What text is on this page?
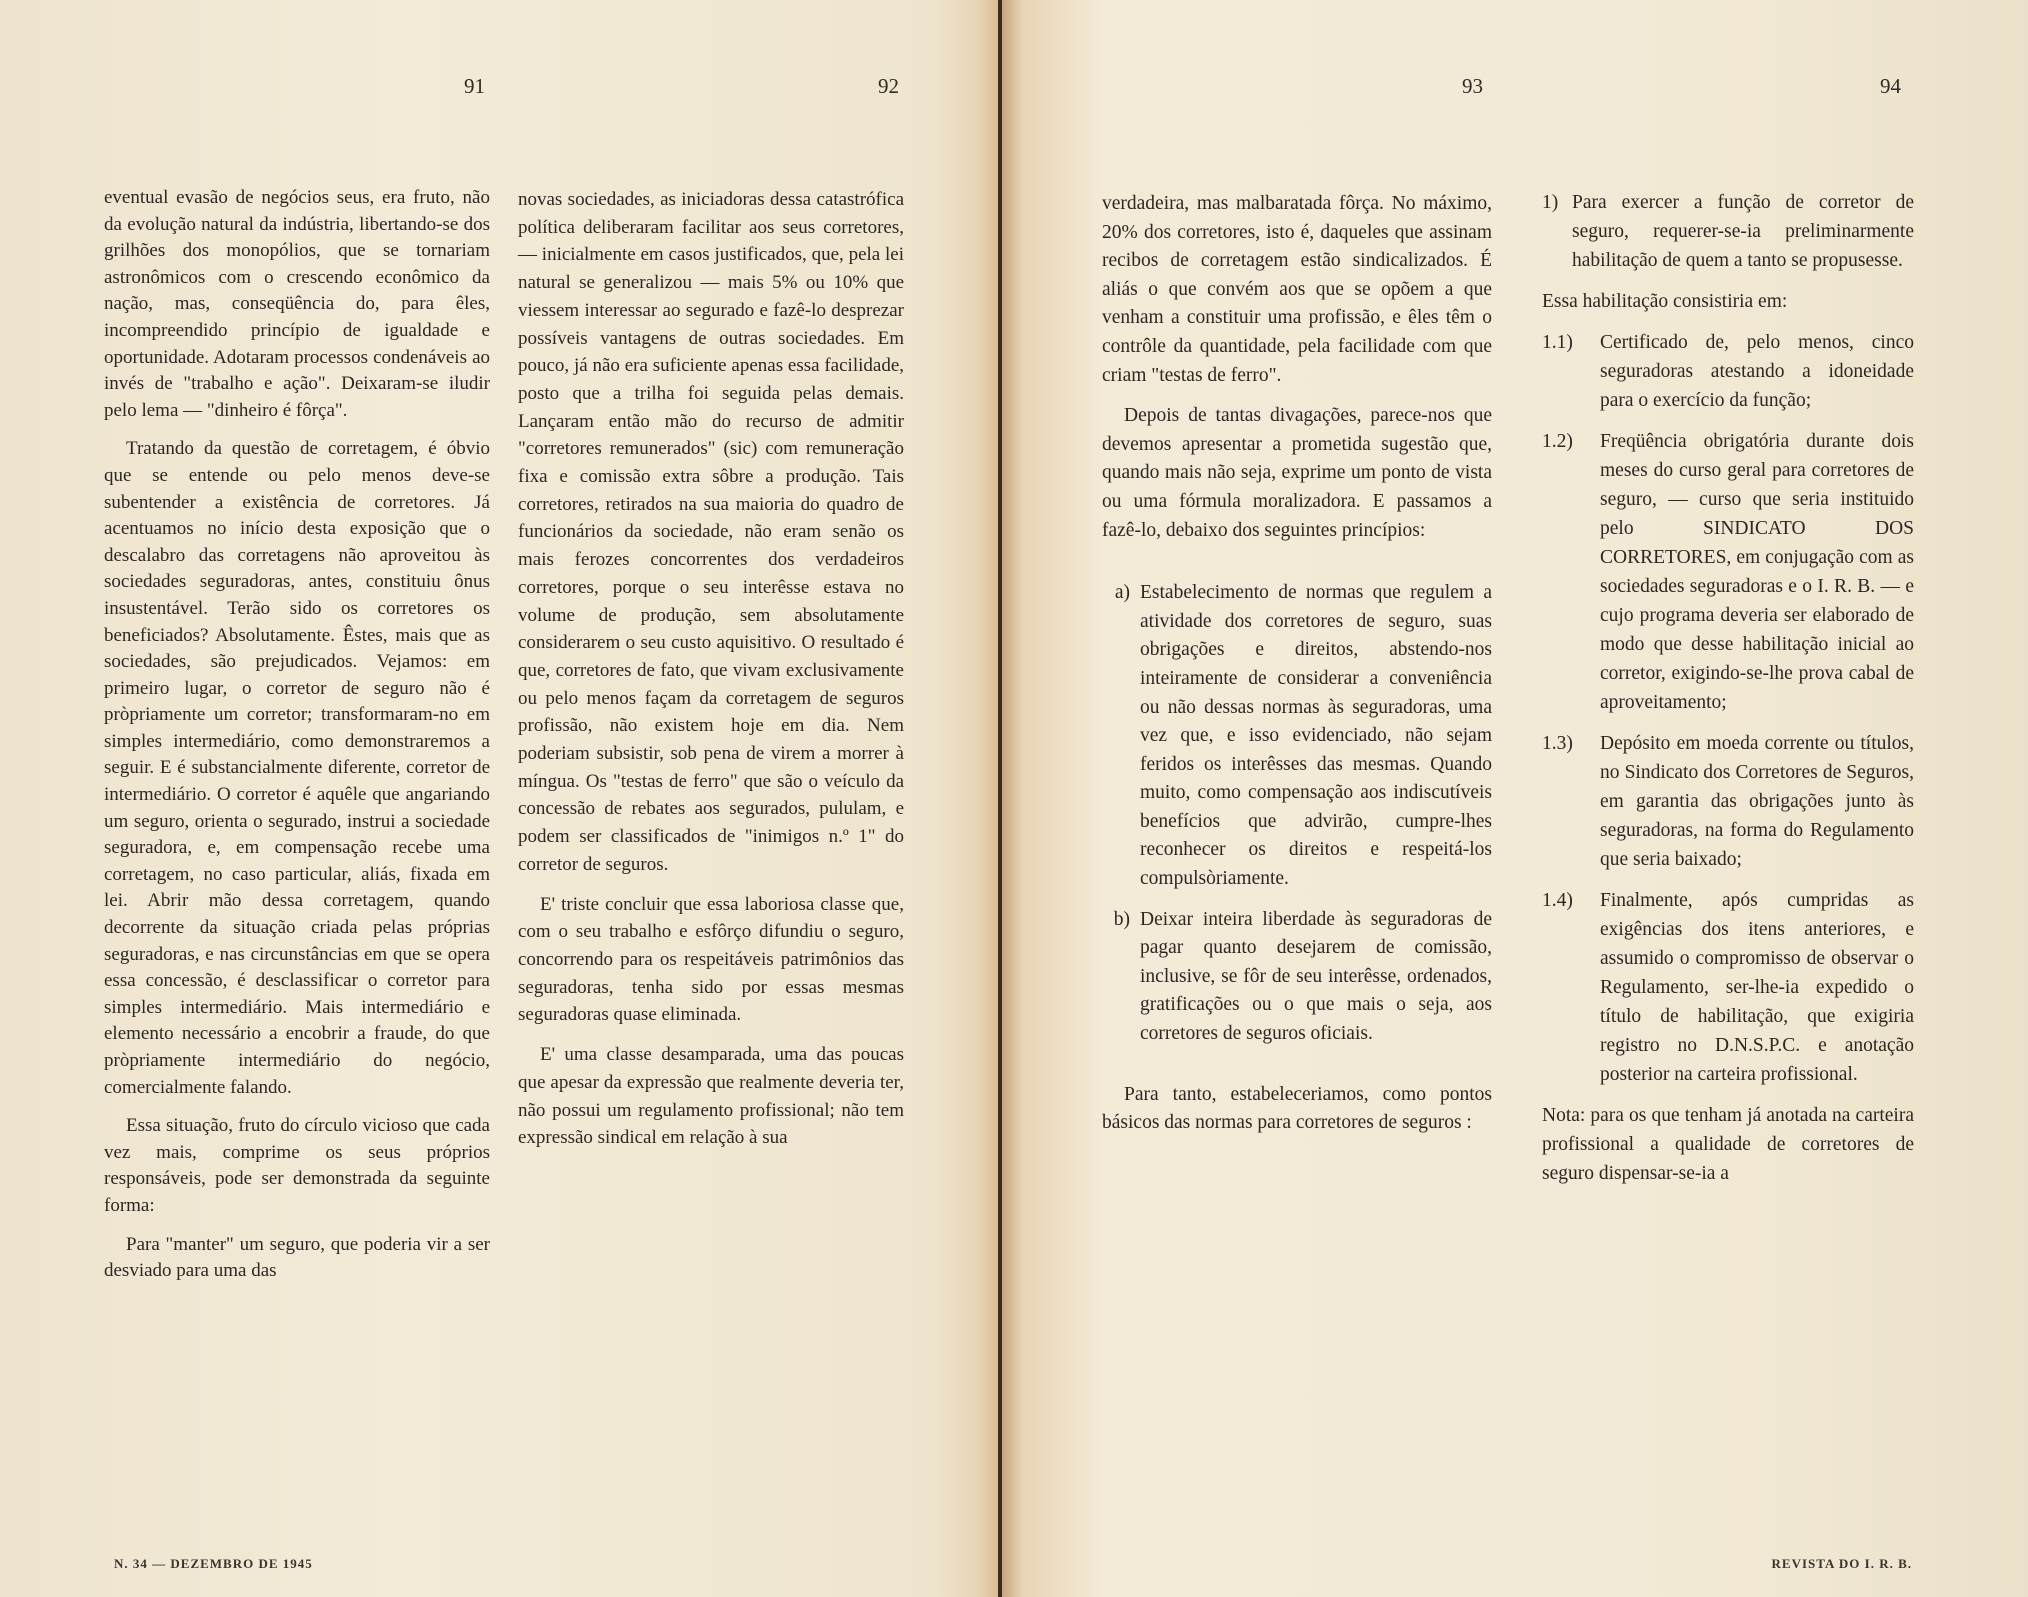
91	92

eventual evasão de negócios seus, era fruto, não da evolução natural da indústria, libertando-se dos grilhões dos monopólios, que se tornariam astronômicos com o crescendo econômico da nação, mas, conseqüência do, para êles, incompreendido princípio de igualdade e oportunidade. Adotaram processos condenáveis ao invés de "trabalho e ação". Deixaram-se iludir pelo lema — "dinheiro é fôrça".

Tratando da questão de corretagem, é óbvio que se entende ou pelo menos deve-se subentender a existência de corretores. Já acentuamos no início desta exposição que o descalabro das corretagens não aproveitou às sociedades seguradoras, antes, constituiu ônus insustentável. Terão sido os corretores os beneficiados? Absolutamente. Êstes, mais que as sociedades, são prejudicados. Vejamos: em primeiro lugar, o corretor de seguro não é pròpriamente um corretor; transformaram-no em simples intermediário, como demonstraremos a seguir. E é substancialmente diferente, corretor de intermediário. O corretor é aquêle que angariando um seguro, orienta o segurado, instrui a sociedade seguradora, e, em compensação recebe uma corretagem, no caso particular, aliás, fixada em lei. Abrir mão dessa corretagem, quando decorrente da situação criada pelas próprias seguradoras, e nas circunstâncias em que se opera essa concessão, é desclassificar o corretor para simples intermediário. Mais intermediário e elemento necessário a encobrir a fraude, do que pròpriamente intermediário do negócio, comercialmente falando.

Essa situação, fruto do círculo vicioso que cada vez mais, comprime os seus próprios responsáveis, pode ser demonstrada da seguinte forma:

Para "manter" um seguro, que poderia vir a ser desviado para uma das

novas sociedades, as iniciadoras dessa catastrófica política deliberaram facilitar aos seus corretores, — inicialmente em casos justificados, que, pela lei natural se generalizou — mais 5% ou 10% que viessem interessar ao segurado e fazê-lo desprezar possíveis vantagens de outras sociedades. Em pouco, já não era suficiente apenas essa facilidade, posto que a trilha foi seguida pelas demais. Lançaram então mão do recurso de admitir "corretores remunerados" (sic) com remuneração fixa e comissão extra sôbre a produção. Tais corretores, retirados na sua maioria do quadro de funcionários da sociedade, não eram senão os mais ferozes concorrentes dos verdadeiros corretores, porque o seu interêsse estava no volume de produção, sem absolutamente considerarem o seu custo aquisitivo. O resultado é que, corretores de fato, que vivam exclusivamente ou pelo menos façam da corretagem de seguros profissão, não existem hoje em dia. Nem poderiam subsistir, sob pena de virem a morrer à míngua. Os "testas de ferro" que são o veículo da concessão de rebates aos segurados, pululam, e podem ser classificados de "inimigos n.º 1" do corretor de seguros.

E' triste concluir que essa laboriosa classe que, com o seu trabalho e esfôrço difundiu o seguro, concorrendo para os respeitáveis patrimônios das seguradoras, tenha sido por essas mesmas seguradoras quase eliminada.

E' uma classe desamparada, uma das poucas que apesar da expressão que realmente deveria ter, não possui um regulamento profissional; não tem expressão sindical em relação à sua

93	94

verdadeira, mas malbaratada fôrça. No máximo, 20% dos corretores, isto é, daqueles que assinam recibos de corretagem estão sindicalizados. É aliás o que convém aos que se opõem a que venham a constituir uma profissão, e êles têm o contrôle da quantidade, pela facilidade com que criam "testas de ferro".

Depois de tantas divagações, parece-nos que devemos apresentar a prometida sugestão que, quando mais não seja, exprime um ponto de vista ou uma fórmula moralizadora. E passamos a fazê-lo, debaixo dos seguintes princípios:

a) Estabelecimento de normas que regulem a atividade dos corretores de seguro, suas obrigações e direitos, abstendo-nos inteiramente de considerar a conveniência ou não dessas normas às seguradoras, uma vez que, e isso evidenciado, não sejam feridos os interêsses das mesmas. Quando muito, como compensação aos indiscutíveis benefícios que advirão, cumpre-lhes reconhecer os direitos e respeitá-los compulsòriamente.
b) Deixar inteira liberdade às seguradoras de pagar quanto desejarem de comissão, inclusive, se fôr de seu interêsse, ordenados, gratificações ou o que mais o seja, aos corretores de seguros oficiais.

Para tanto, estabeleceriamos, como pontos básicos das normas para corretores de seguros :

1) Para exercer a função de corretor de seguro, requerer-se-ia preliminarmente habilitação de quem a tanto se propusesse.

Essa habilitação consistiria em:

1.1)	Certificado de, pelo menos, cinco seguradoras atestando a idoneidade para o exercício da função;
1.2)	Freqüência obrigatória durante dois meses do curso geral para corretores de seguro, — curso que seria instituido pelo SINDICATO DOS CORRETORES, em conjugação com as sociedades seguradoras e o I. R. B. — e cujo programa deveria ser elaborado de modo que desse habilitação inicial ao corretor, exigindo-se-lhe prova cabal de aproveitamento;
1.3)	Depósito em moeda corrente ou títulos, no Sindicato dos Corretores de Seguros, em garantia das obrigações junto às seguradoras, na forma do Regulamento que seria baixado;
1.4)	Finalmente, após cumpridas as exigências dos itens anteriores, e assumido o compromisso de observar o Regulamento, ser-lhe-ia expedido o título de habilitação, que exigiria registro no D.N.S.P.C. e anotação posterior na carteira profissional.

Nota: para os que tenham já anotada na carteira profissional a qualidade de corretores de seguro dispensar-se-ia a

N. 34 — DEZEMBRO DE 1945	REVISTA DO I. R. B.
